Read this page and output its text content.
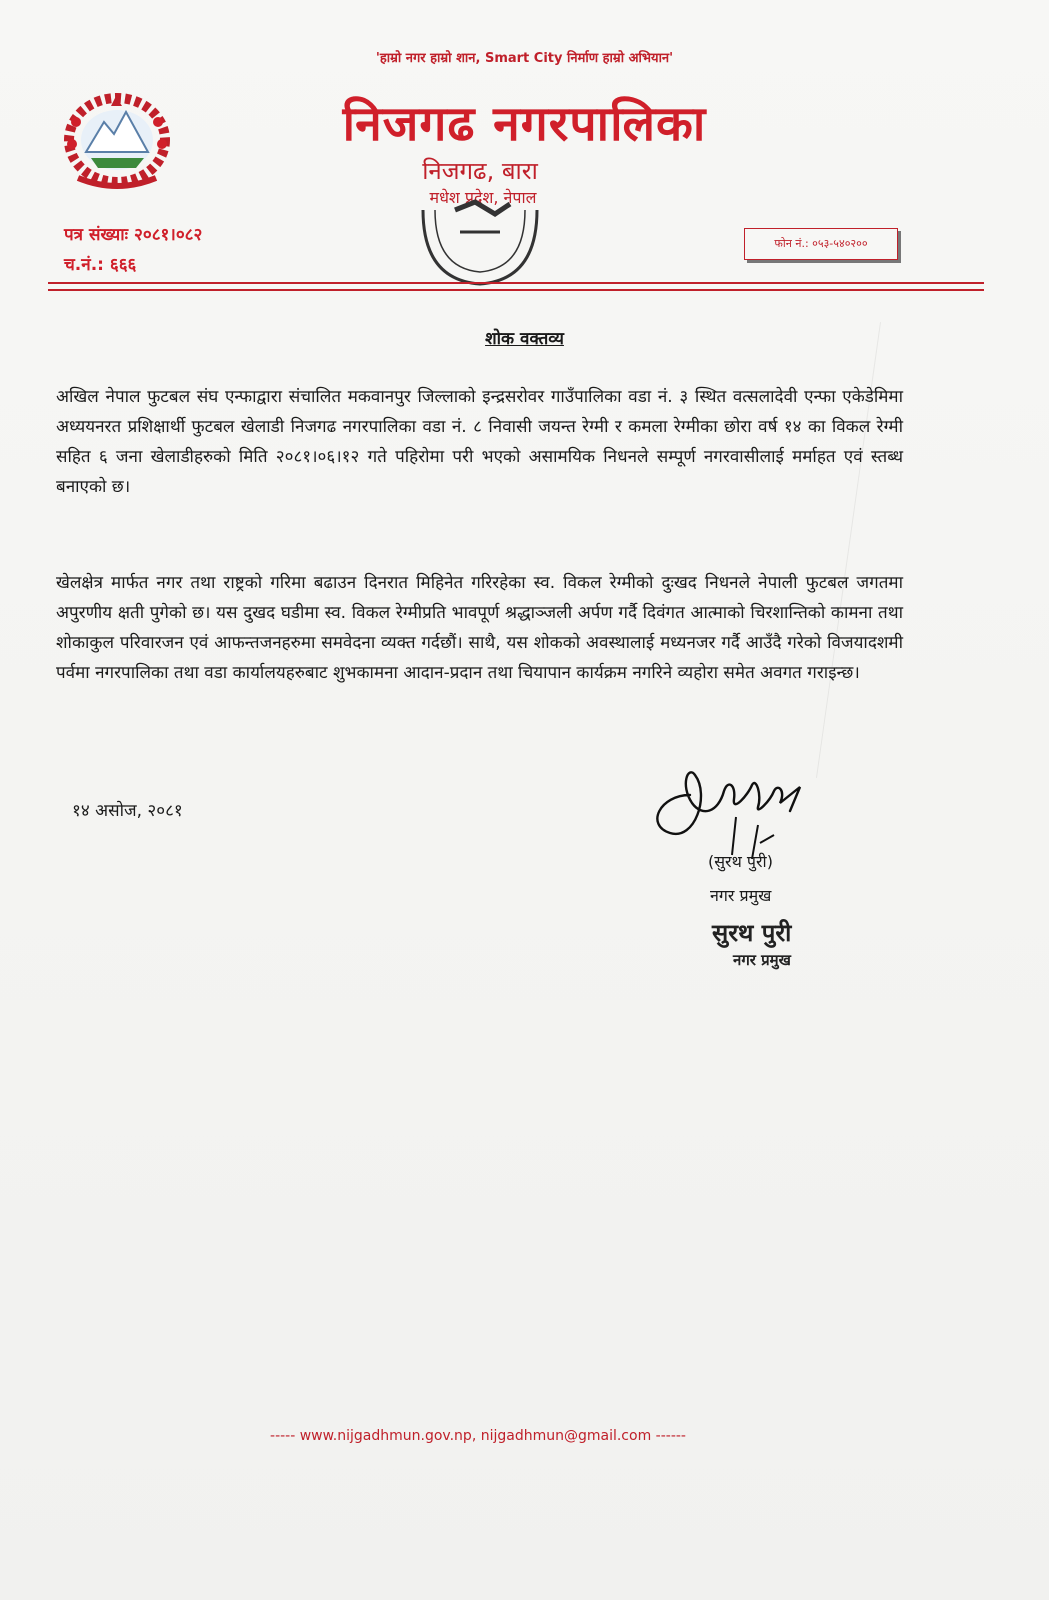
'हाम्रो नगर हाम्रो शान, Smart City निर्माण हाम्रो अभियान'
निजगढ नगरपालिका
निजगढ, बारा
मधेश प्रदेश, नेपाल
पत्र संख्याः २०८१।०८२
च.नं.: ६६६
फोन नं.: ०५३-५४०२००
शोक वक्तव्य
अखिल नेपाल फुटबल संघ एन्फाद्वारा संचालित मकवानपुर जिल्लाको इन्द्रसरोवर गाउँपालिका वडा नं. ३ स्थित वत्सलादेवी एन्फा एकेडेमिमा अध्ययनरत प्रशिक्षार्थी फुटबल खेलाडी निजगढ नगरपालिका वडा नं. ८ निवासी जयन्त रेग्मी र कमला रेग्मीका छोरा वर्ष १४ का विकल रेग्मी सहित ६ जना खेलाडीहरुको मिति २०८१।०६।१२ गते पहिरोमा परी भएको असामयिक निधनले सम्पूर्ण नगरवासीलाई मर्माहत एवं स्तब्ध बनाएको छ।
खेलक्षेत्र मार्फत नगर तथा राष्ट्रको गरिमा बढाउन दिनरात मिहिनेत गरिरहेका स्व. विकल रेग्मीको दुःखद निधनले नेपाली फुटबल जगतमा अपुरणीय क्षती पुगेको छ। यस दुखद घडीमा स्व. विकल रेग्मीप्रति भावपूर्ण श्रद्धाञ्जली अर्पण गर्दै दिवंगत आत्माको चिरशान्तिको कामना तथा शोकाकुल परिवारजन एवं आफन्तजनहरुमा समवेदना व्यक्त गर्दछौं। साथै, यस शोकको अवस्थालाई मध्यनजर गर्दै आउँदै गरेको विजयादशमी पर्वमा नगरपालिका तथा वडा कार्यालयहरुबाट शुभकामना आदान-प्रदान तथा चियापान कार्यक्रम नगरिने व्यहोरा समेत अवगत गराइन्छ।
१४ असोज, २०८१
(सुरथ पुरी)
नगर प्रमुख
सुरथ पुरी
नगर प्रमुख
----- www.nijgadhmun.gov.np, nijgadhmun@gmail.com ------
